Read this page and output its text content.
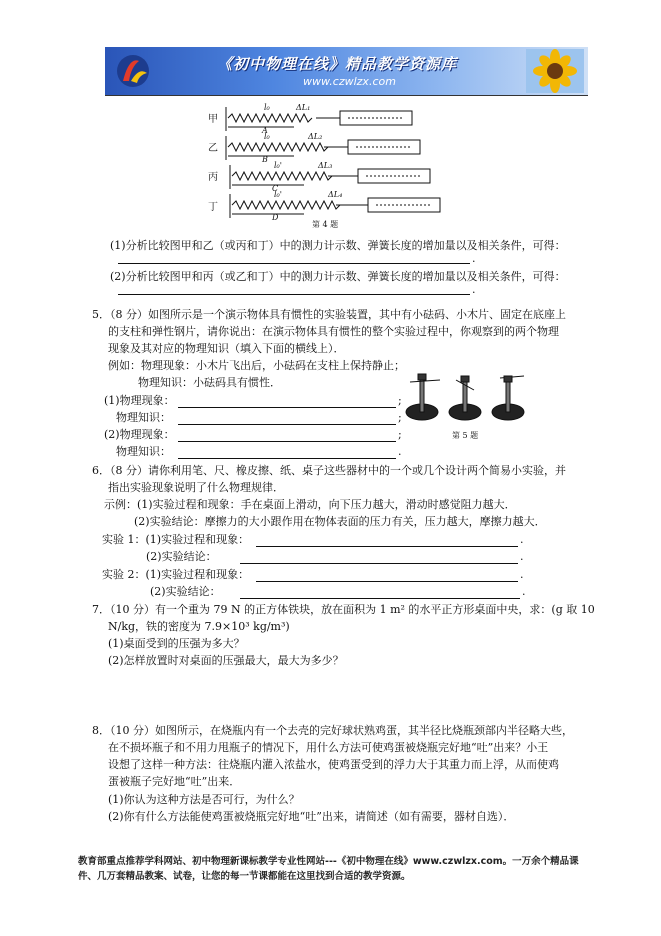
《初中物理在线》精品教学资源库
www.czwlzx.com
甲
乙
丙
丁
l₀	ΔL₁
l₀	ΔL₂
l₀'	ΔL₃
l₀'	ΔL₄
A
B
C
D
第 4 题
(1)分析比较图甲和乙（或丙和丁）中的测力计示数、弹簧长度的增加量以及相关条件，可得：
.
(2)分析比较图甲和丙（或乙和丁）中的测力计示数、弹簧长度的增加量以及相关条件，可得：
.
5．（8 分）如图所示是一个演示物体具有惯性的实验装置，其中有小砝码、小木片、固定在底座上
的支柱和弹性钢片，请你说出：在演示物体具有惯性的整个实验过程中，你观察到的两个物理
现象及其对应的物理知识（填入下面的横线上）．
例如：物理现象：小木片飞出后，小砝码在支柱上保持静止；
物理知识：小砝码具有惯性．
(1)物理现象：	;
物理知识：	;
(2)物理现象：	;
物理知识：	.
第 5 题
6．（8 分）请你利用笔、尺、橡皮擦、纸、桌子这些器材中的一个或几个设计两个简易小实验，并
指出实验现象说明了什么物理规律．
示例：(1)实验过程和现象：手在桌面上滑动，向下压力越大，滑动时感觉阻力越大．
(2)实验结论：摩擦力的大小跟作用在物体表面的压力有关，压力越大，摩擦力越大．
实验 1：(1)实验过程和现象：	.
(2)实验结论：	.
实验 2：(1)实验过程和现象：	.
(2)实验结论：	.
7．（10 分）有一个重为 79 N 的正方体铁块，放在面积为 1 m² 的水平正方形桌面中央，求：(g 取 10
N/kg，铁的密度为 7.9×10³ kg/m³)
(1)桌面受到的压强为多大？
(2)怎样放置时对桌面的压强最大，最大为多少？
8．（10 分）如图所示，在烧瓶内有一个去壳的完好球状熟鸡蛋，其半径比烧瓶颈部内半径略大些，
在不损坏瓶子和不用力甩瓶子的情况下，用什么方法可使鸡蛋被烧瓶完好地“吐”出来？小王
设想了这样一种方法：往烧瓶内灌入浓盐水，使鸡蛋受到的浮力大于其重力而上浮，从而使鸡
蛋被瓶子完好地“吐”出来．
(1)你认为这种方法是否可行，为什么？
(2)你有什么方法能使鸡蛋被烧瓶完好地“吐”出来，请简述（如有需要，器材自选）．
教育部重点推荐学科网站、初中物理新课标教学专业性网站---《初中物理在线》www.czwlzx.com。一万余个精品课件、几万套精品教案、试卷，让您的每一节课都能在这里找到合适的教学资源。
